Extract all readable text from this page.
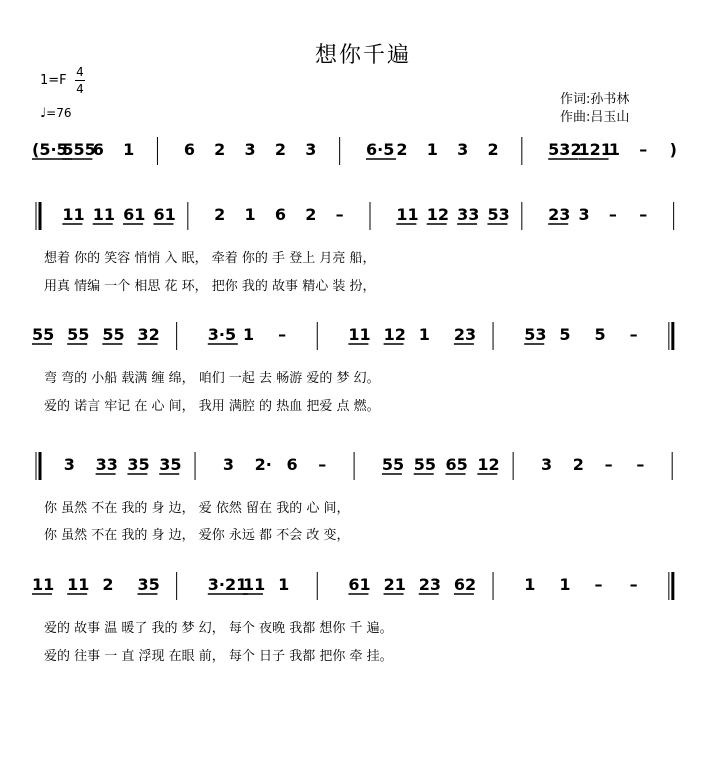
想你千遍
1=F
4
4
♩=76
作词:孙书林
作曲:吕玉山
(5·5
555
6 1	6 2 3 2 3	6·5 2 1 3 2	532
121
1 – )
11 11 61 61 2 1 6 2 –	11 12 33 53 23 3 – –
55 55 55 32	3·5 1 –	11 12 1 23	53 5 5 –
3 33 35 35	3 2· 6 –	55 55 65 12	3 2 – –
11 11 2 35	3·21
11 1	61 21 23 62	1 1 – –
想着 你的 笑容 悄悄 入 眠， 牵着 你的 手 登上 月亮 船，
用真 情编 一个 相思 花 环， 把你 我的 故事 精心 装 扮，
弯 弯的 小船 载满 缠 绵， 咱们 一起 去 畅游 爱的 梦 幻。
爱的 诺言 牢记 在 心 间， 我用 满腔 的 热血 把爱 点 燃。
你 虽然 不在 我的 身 边， 爱 依然 留在 我的 心 间，
你 虽然 不在 我的 身 边， 爱你 永远 都 不会 改 变，
爱的 故事 温 暖了 我的 梦 幻， 每个 夜晚 我都 想你 千 遍。
爱的 往事 一 直 浮现 在眼 前， 每个 日子 我都 把你 牵 挂。
